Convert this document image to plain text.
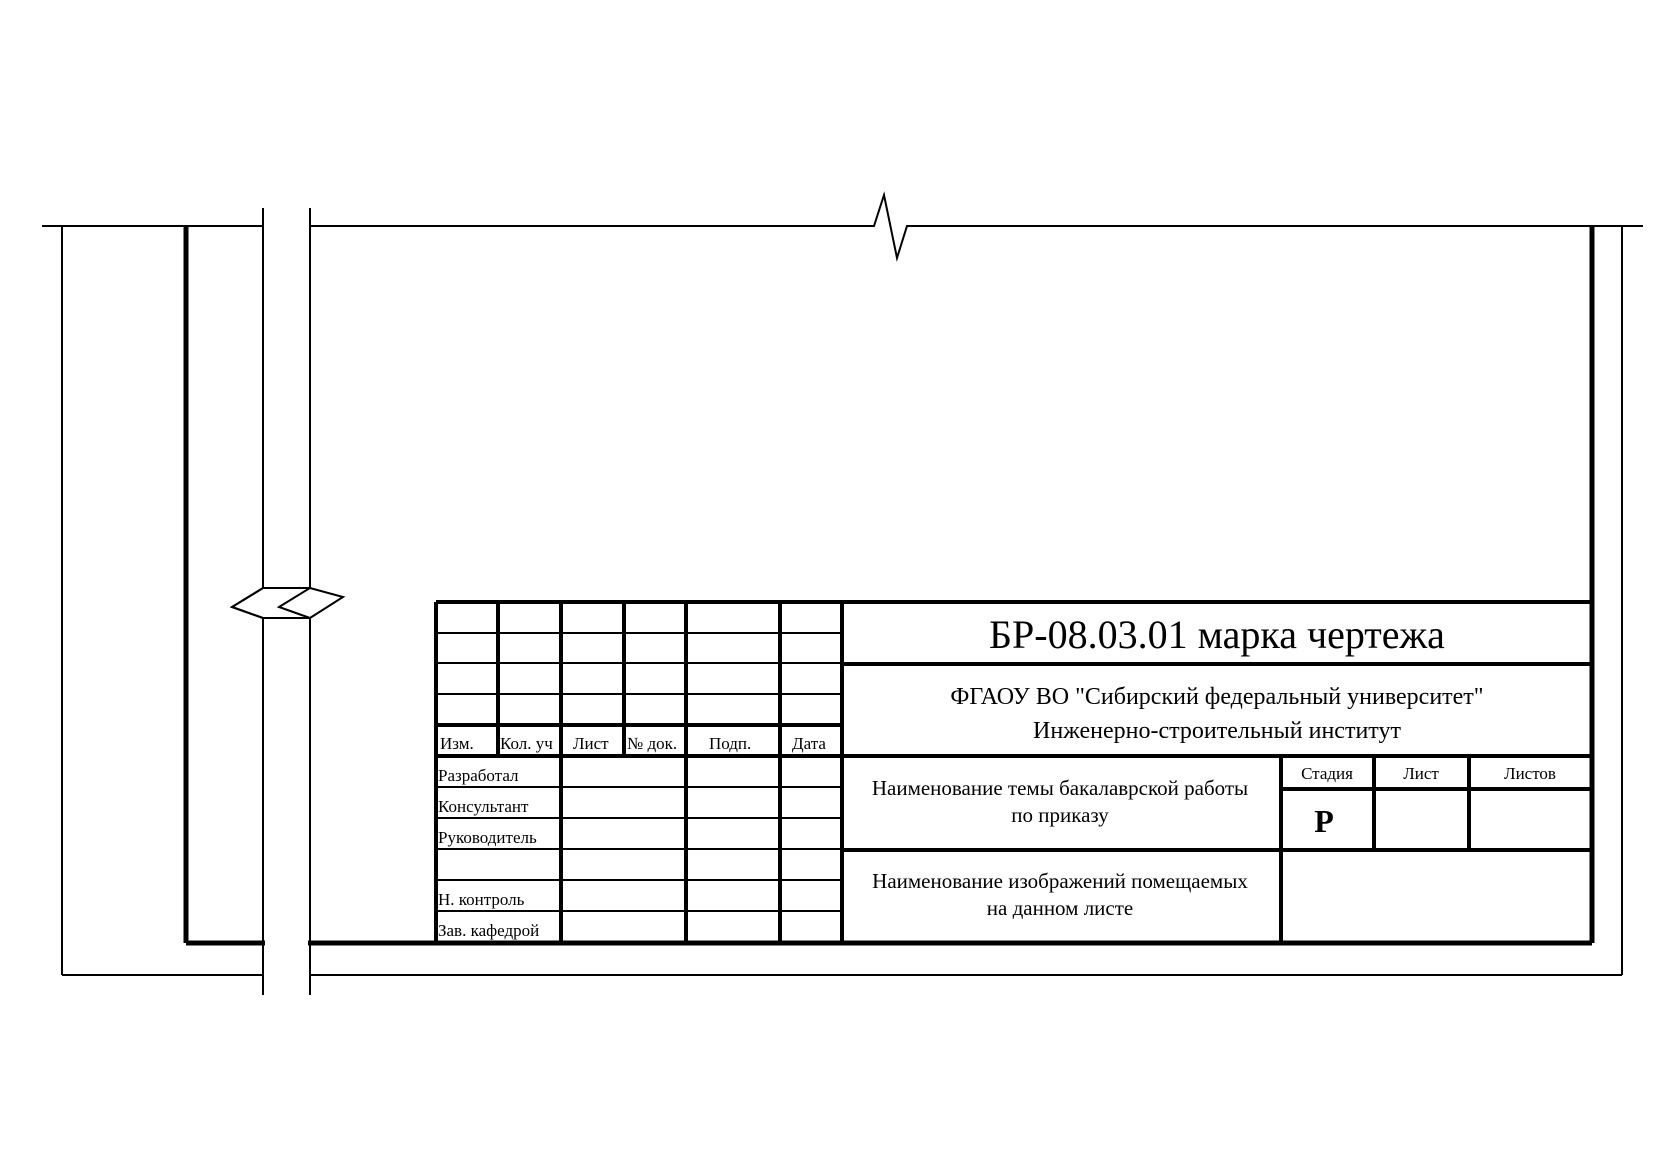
Изм. Кол. уч Лист № док. Подп. Дата
Разработал
Консультант
Руководитель
Н. контроль
Зав. кафедрой
БР-08.03.01 марка чертежа
ФГАОУ ВО "Сибирский федеральный университет"
Инженерно-строительный институт
Наименование темы бакалаврской работы
по приказу
Наименование изображений помещаемых
на данном листе
Стадия	Лист	Листов
Р
